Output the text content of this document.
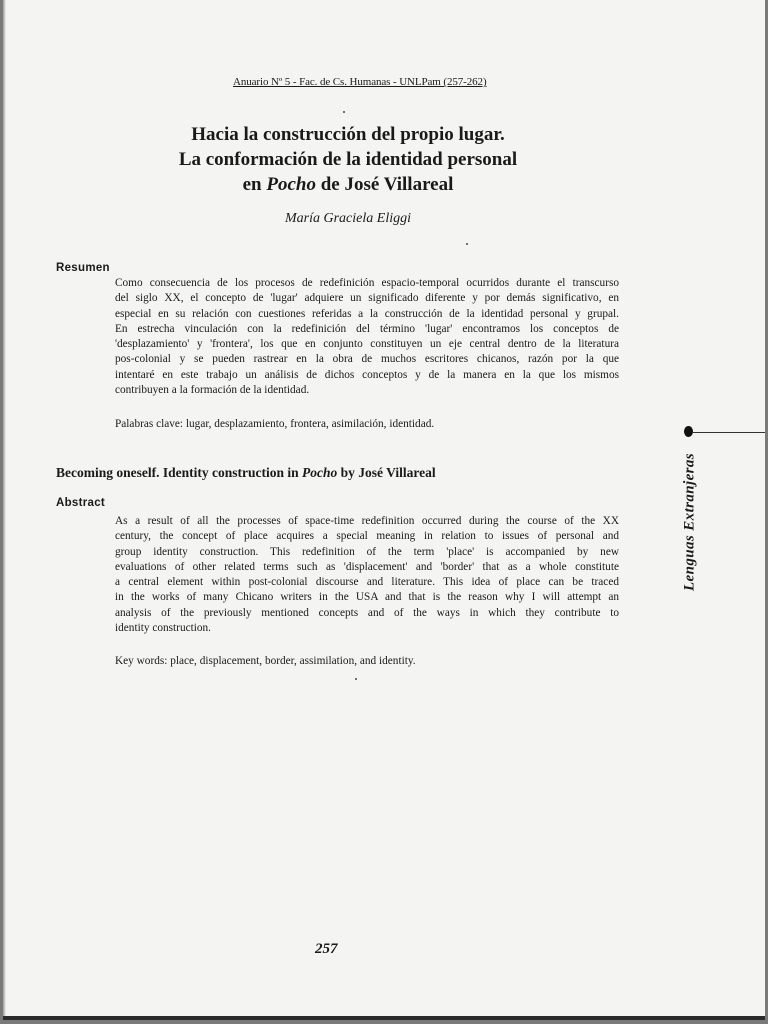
Anuario Nº 5 - Fac. de Cs. Humanas - UNLPam (257-262)
Hacia la construcción del propio lugar.
La conformación de la identidad personal
en Pocho de José Villareal
María Graciela Eliggi
Resumen
Como consecuencia de los procesos de redefinición espacio-temporal ocurridos durante el transcurso
del siglo XX, el concepto de 'lugar' adquiere un significado diferente y por demás significativo, en
especial en su relación con cuestiones referidas a la construcción de la identidad personal y grupal.
En estrecha vinculación con la redefinición del término 'lugar' encontramos los conceptos de
'desplazamiento' y 'frontera', los que en conjunto constituyen un eje central dentro de la literatura
pos-colonial y se pueden rastrear en la obra de muchos escritores chicanos, razón por la que
intentaré en este trabajo un análisis de dichos conceptos y de la manera en la que los mismos
contribuyen a la formación de la identidad.
Palabras clave: lugar, desplazamiento, frontera, asimilación, identidad.
Lenguas Extranjeras
Becoming oneself. Identity construction in Pocho by José Villareal
Abstract
As a result of all the processes of space-time redefinition occurred during the course of the XX
century, the concept of place acquires a special meaning in relation to issues of personal and
group identity construction. This redefinition of the term 'place' is accompanied by new
evaluations of other related terms such as 'displacement' and 'border' that as a whole constitute
a central element within post-colonial discourse and literature. This idea of place can be traced
in the works of many Chicano writers in the USA and that is the reason why I will attempt an
analysis of the previously mentioned concepts and of the ways in which they contribute to
identity construction.
Key words: place, displacement, border, assimilation, and identity.
257
